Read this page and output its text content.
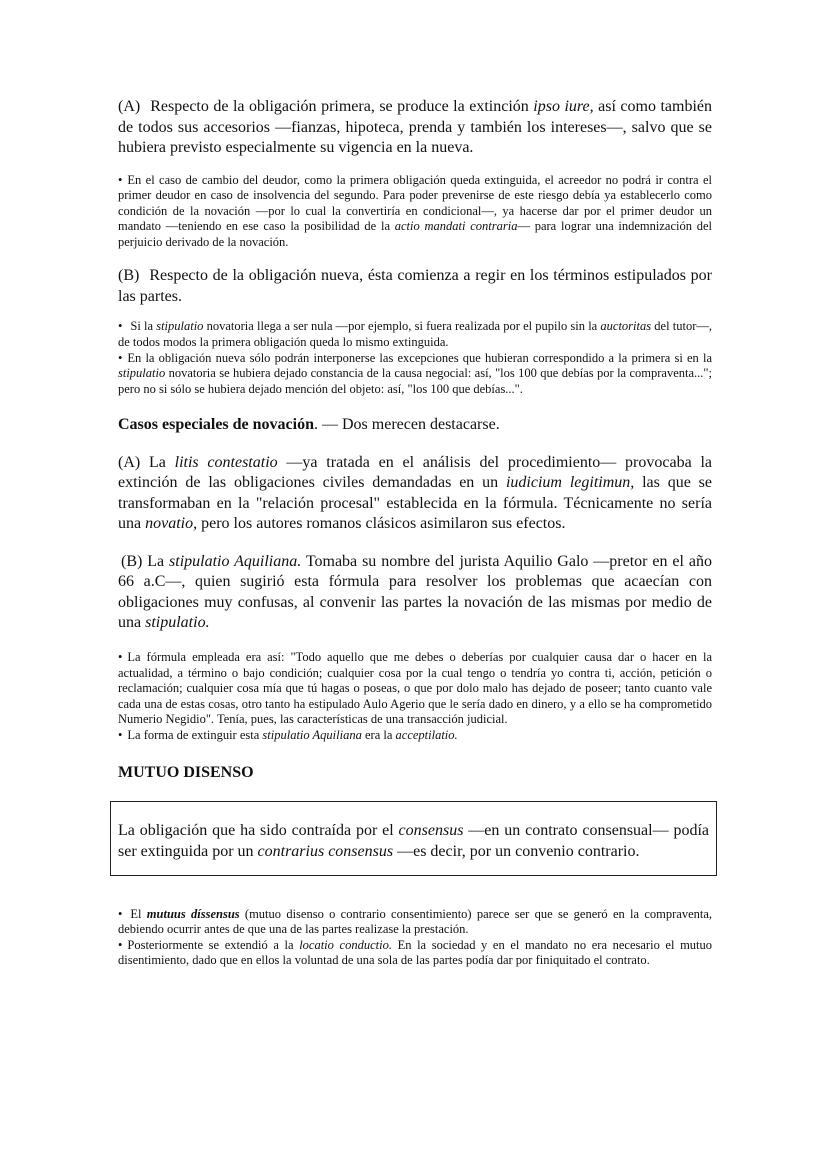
(A) Respecto de la obligación primera, se produce la extinción ipso iure, así como también de todos sus accesorios —fianzas, hipoteca, prenda y también los intereses—, salvo que se hubiera previsto especialmente su vigencia en la nueva.

• En el caso de cambio del deudor, como la primera obligación queda extinguida, el acreedor no podrá ir contra el primer deudor en caso de insolvencia del segundo. Para poder prevenirse de este riesgo debía ya establecerlo como condición de la novación —por lo cual la convertiría en condicional—, ya hacerse dar por el primer deudor un mandato —teniendo en ese caso la posibilidad de la actio mandati contraria— para lograr una indemnización del perjuicio derivado de la novación.

(B) Respecto de la obligación nueva, ésta comienza a regir en los términos estipulados por las partes.

• Si la stipulatio novatoria llega a ser nula —por ejemplo, si fuera realizada por el pupilo sin la auctoritas del tutor—, de todos modos la primera obligación queda lo mismo extinguida.

• En la obligación nueva sólo podrán interponerse las excepciones que hubieran correspondido a la primera si en la stipulatio novatoria se hubiera dejado constancia de la causa negocial: así, "los 100 que debías por la compraventa..."; pero no si sólo se hubiera dejado mención del objeto: así, "los 100 que debías...".

Casos especiales de novación. — Dos merecen destacarse.

(A) La litis contestatio —ya tratada en el análisis del procedimiento— provocaba la extinción de las obligaciones civiles demandadas en un iudicium legitimun, las que se transformaban en la "relación procesal" establecida en la fórmula. Técnicamente no sería una novatio, pero los autores romanos clásicos asimilaron sus efectos.

(B) La stipulatio Aquiliana. Tomaba su nombre del jurista Aquilio Galo —pretor en el año 66 a.C—, quien sugirió esta fórmula para resolver los problemas que acaecían con obligaciones muy confusas, al convenir las partes la novación de las mismas por medio de una stipulatio.

• La fórmula empleada era así: "Todo aquello que me debes o deberías por cualquier causa dar o hacer en la actualidad, a término o bajo condición; cualquier cosa por la cual tengo o tendría yo contra ti, acción, petición o reclamación; cualquier cosa mía que tú hagas o poseas, o que por dolo malo has dejado de poseer; tanto cuanto vale cada una de estas cosas, otro tanto ha estipulado Aulo Agerio que le sería dado en dinero, y a ello se ha comprometido Numerio Negidio". Tenía, pues, las características de una transacción judicial.

• La forma de extinguir esta stipulatio Aquiliana era la acceptilatio.

MUTUO DISENSO

La obligación que ha sido contraída por el consensus —en un contrato consensual— podía ser extinguida por un contrarius consensus —es decir, por un convenio contrario.

• El mutuus díssensus (mutuo disenso o contrario consentimiento) parece ser que se generó en la compraventa, debiendo ocurrir antes de que una de las partes realizase la prestación.

• Posteriormente se extendió a la locatio conductio. En la sociedad y en el mandato no era necesario el mutuo disentimiento, dado que en ellos la voluntad de una sola de las partes podía dar por finiquitado el contrato.
